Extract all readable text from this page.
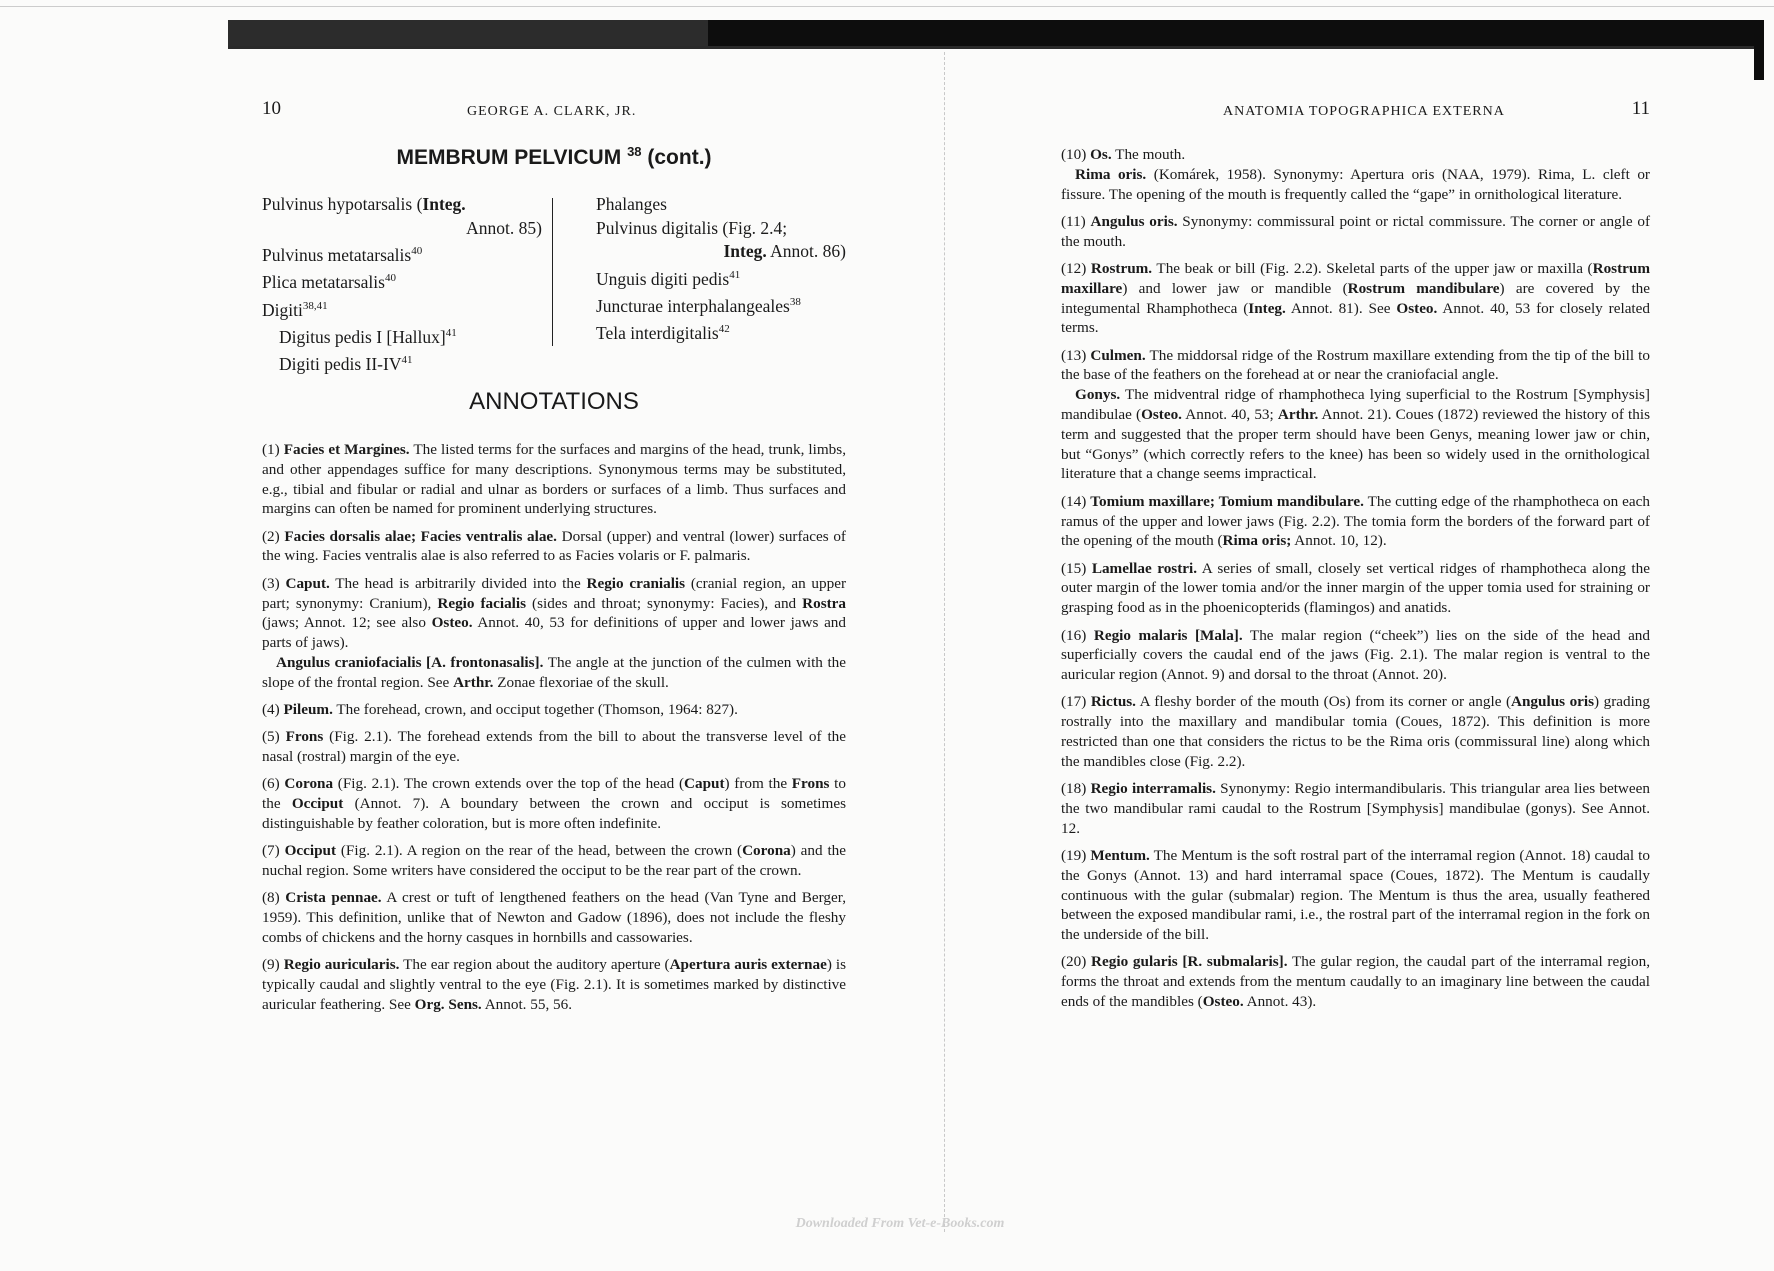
10	GEORGE A. CLARK, JR.
MEMBRUM PELVICUM $^{38}$ (cont.)
Pulvinus hypotarsalis (Integ.
Annot. 85)
Pulvinus metatarsalis$^{40}$
Plica metatarsalis$^{40}$
Digiti$^{38,41}$
Digitus pedis I [Hallux]$^{41}$
Digiti pedis II-IV$^{41}$
Phalanges
Pulvinus digitalis (Fig. 2.4;
Integ. Annot. 86)
Unguis digiti pedis$^{41}$
Juncturae interphalangeales$^{38}$
Tela interdigitalis$^{42}$
ANNOTATIONS
(1) Facies et Margines. The listed terms for the surfaces and margins of the head, trunk, limbs, and other appendages suffice for many descriptions. Synonymous terms may be substituted, e.g., tibial and fibular or radial and ulnar as borders or surfaces of a limb. Thus surfaces and margins can often be named for prominent underlying structures.
(2) Facies dorsalis alae; Facies ventralis alae. Dorsal (upper) and ventral (lower) surfaces of the wing. Facies ventralis alae is also referred to as Facies volaris or F. palmaris.
(3) Caput. The head is arbitrarily divided into the Regio cranialis (cranial region, an upper part; synonymy: Cranium), Regio facialis (sides and throat; synonymy: Facies), and Rostra (jaws; Annot. 12; see also Osteo. Annot. 40, 53 for definitions of upper and lower jaws and parts of jaws).
Angulus craniofacialis [A. frontonasalis]. The angle at the junction of the culmen with the slope of the frontal region. See Arthr. Zonae flexoriae of the skull.
(4) Pileum. The forehead, crown, and occiput together (Thomson, 1964: 827).
(5) Frons (Fig. 2.1). The forehead extends from the bill to about the transverse level of the nasal (rostral) margin of the eye.
(6) Corona (Fig. 2.1). The crown extends over the top of the head (Caput) from the Frons to the Occiput (Annot. 7). A boundary between the crown and occiput is sometimes distinguishable by feather coloration, but is more often indefinite.
(7) Occiput (Fig. 2.1). A region on the rear of the head, between the crown (Corona) and the nuchal region. Some writers have considered the occiput to be the rear part of the crown.
(8) Crista pennae. A crest or tuft of lengthened feathers on the head (Van Tyne and Berger, 1959). This definition, unlike that of Newton and Gadow (1896), does not include the fleshy combs of chickens and the horny casques in hornbills and cassowaries.
(9) Regio auricularis. The ear region about the auditory aperture (Apertura auris externae) is typically caudal and slightly ventral to the eye (Fig. 2.1). It is sometimes marked by distinctive auricular feathering. See Org. Sens. Annot. 55, 56.
ANATOMIA TOPOGRAPHICA EXTERNA	11
(10) Os. The mouth.
Rima oris. (Komárek, 1958). Synonymy: Apertura oris (NAA, 1979). Rima, L. cleft or fissure. The opening of the mouth is frequently called the “gape” in ornithological literature.
(11) Angulus oris. Synonymy: commissural point or rictal commissure. The corner or angle of the mouth.
(12) Rostrum. The beak or bill (Fig. 2.2). Skeletal parts of the upper jaw or maxilla (Rostrum maxillare) and lower jaw or mandible (Rostrum mandibulare) are covered by the integumental Rhamphotheca (Integ. Annot. 81). See Osteo. Annot. 40, 53 for closely related terms.
(13) Culmen. The middorsal ridge of the Rostrum maxillare extending from the tip of the bill to the base of the feathers on the forehead at or near the craniofacial angle.
Gonys. The midventral ridge of rhamphotheca lying superficial to the Rostrum [Symphysis] mandibulae (Osteo. Annot. 40, 53; Arthr. Annot. 21). Coues (1872) reviewed the history of this term and suggested that the proper term should have been Genys, meaning lower jaw or chin, but “Gonys” (which correctly refers to the knee) has been so widely used in the ornithological literature that a change seems impractical.
(14) Tomium maxillare; Tomium mandibulare. The cutting edge of the rhamphotheca on each ramus of the upper and lower jaws (Fig. 2.2). The tomia form the borders of the forward part of the opening of the mouth (Rima oris; Annot. 10, 12).
(15) Lamellae rostri. A series of small, closely set vertical ridges of rhamphotheca along the outer margin of the lower tomia and/or the inner margin of the upper tomia used for straining or grasping food as in the phoenicopterids (flamingos) and anatids.
(16) Regio malaris [Mala]. The malar region (“cheek”) lies on the side of the head and superficially covers the caudal end of the jaws (Fig. 2.1). The malar region is ventral to the auricular region (Annot. 9) and dorsal to the throat (Annot. 20).
(17) Rictus. A fleshy border of the mouth (Os) from its corner or angle (Angulus oris) grading rostrally into the maxillary and mandibular tomia (Coues, 1872). This definition is more restricted than one that considers the rictus to be the Rima oris (commissural line) along which the mandibles close (Fig. 2.2).
(18) Regio interramalis. Synonymy: Regio intermandibularis. This triangular area lies between the two mandibular rami caudal to the Rostrum [Symphysis] mandibulae (gonys). See Annot. 12.
(19) Mentum. The Mentum is the soft rostral part of the interramal region (Annot. 18) caudal to the Gonys (Annot. 13) and hard interramal space (Coues, 1872). The Mentum is caudally continuous with the gular (submalar) region. The Mentum is thus the area, usually feathered between the exposed mandibular rami, i.e., the rostral part of the interramal region in the fork on the underside of the bill.
(20) Regio gularis [R. submalaris]. The gular region, the caudal part of the interramal region, forms the throat and extends from the mentum caudally to an imaginary line between the caudal ends of the mandibles (Osteo. Annot. 43).
Downloaded From Vet-e-Books.com
